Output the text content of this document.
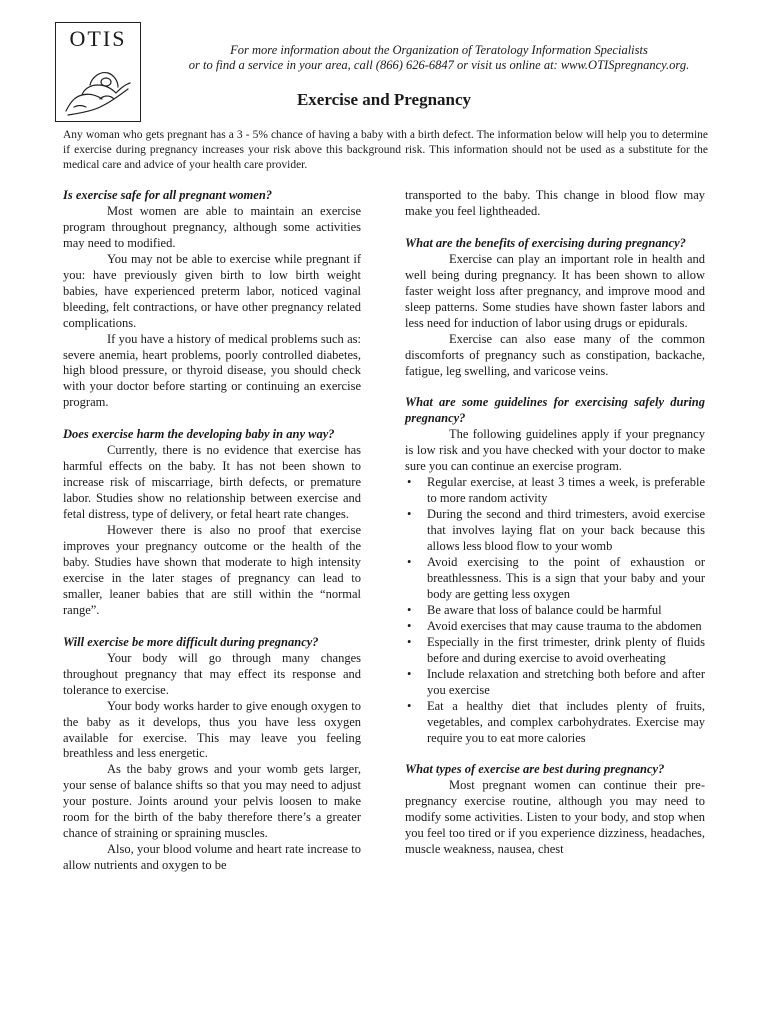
OTIS	For more information about the Organization of Teratology Information Specialists
or to find a service in your area, call (866) 626-6847 or visit us online at: www.OTISpregnancy.org.
Exercise and Pregnancy

Any woman who gets pregnant has a 3 - 5% chance of having a baby with a birth defect. The information below will help you to determine if exercise during pregnancy increases your risk above this background risk. This information should not be used as a substitute for the medical care and advice of your health care provider.

Is exercise safe for all pregnant women?

Most women are able to maintain an exercise program throughout pregnancy, although some activities may need to modified.

You may not be able to exercise while pregnant if you: have previously given birth to low birth weight babies, have experienced preterm labor, noticed vaginal bleeding, felt contractions, or have other pregnancy related complications.

If you have a history of medical problems such as: severe anemia, heart problems, poorly controlled diabetes, high blood pressure, or thyroid disease, you should check with your doctor before starting or continuing an exercise program.

Does exercise harm the developing baby in any way?

Currently, there is no evidence that exercise has harmful effects on the baby. It has not been shown to increase risk of miscarriage, birth defects, or premature labor. Studies show no relationship between exercise and fetal distress, type of delivery, or fetal heart rate changes.

However there is also no proof that exercise improves your pregnancy outcome or the health of the baby. Studies have shown that moderate to high intensity exercise in the later stages of pregnancy can lead to smaller, leaner babies that are still within the “normal range”.

Will exercise be more difficult during pregnancy?

Your body will go through many changes throughout pregnancy that may effect its response and tolerance to exercise.

Your body works harder to give enough oxygen to the baby as it develops, thus you have less oxygen available for exercise. This may leave you feeling breathless and less energetic.

As the baby grows and your womb gets larger, your sense of balance shifts so that you may need to adjust your posture. Joints around your pelvis loosen to make room for the birth of the baby therefore there’s a greater chance of straining or spraining muscles.

Also, your blood volume and heart rate increase to allow nutrients and oxygen to be

transported to the baby. This change in blood flow may make you feel lightheaded.

What are the benefits of exercising during pregnancy?

Exercise can play an important role in health and well being during pregnancy. It has been shown to allow faster weight loss after pregnancy, and improve mood and sleep patterns. Some studies have shown faster labors and less need for induction of labor using drugs or epidurals.

Exercise can also ease many of the common discomforts of pregnancy such as constipation, backache, fatigue, leg swelling, and varicose veins.

What are some guidelines for exercising safely during pregnancy?

The following guidelines apply if your pregnancy is low risk and you have checked with your doctor to make sure you can continue an exercise program.

• Regular exercise, at least 3 times a week, is preferable to more random activity
• During the second and third trimesters, avoid exercise that involves laying flat on your back because this allows less blood flow to your womb
• Avoid exercising to the point of exhaustion or breathlessness. This is a sign that your baby and your body are getting less oxygen
• Be aware that loss of balance could be harmful
• Avoid exercises that may cause trauma to the abdomen
• Especially in the first trimester, drink plenty of fluids before and during exercise to avoid overheating
• Include relaxation and stretching both before and after you exercise
• Eat a healthy diet that includes plenty of fruits, vegetables, and complex carbohydrates. Exercise may require you to eat more calories
What types of exercise are best during pregnancy?

Most pregnant women can continue their pre-pregnancy exercise routine, although you may need to modify some activities. Listen to your body, and stop when you feel too tired or if you experience dizziness, headaches, muscle weakness, nausea, chest
